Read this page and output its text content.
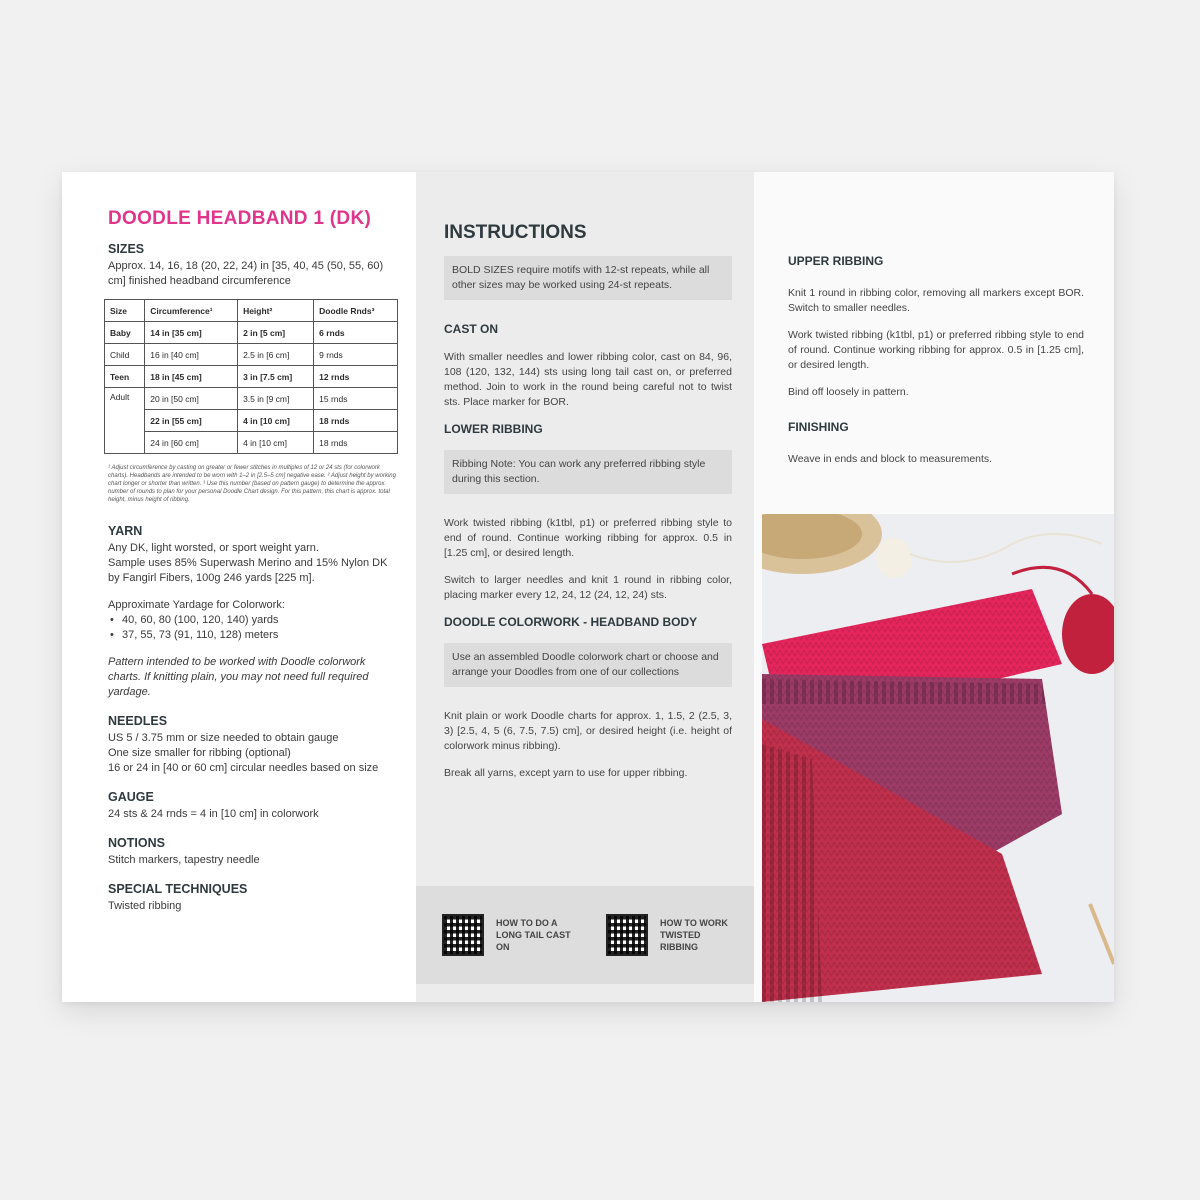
DOODLE HEADBAND 1 (DK)
SIZES
Approx. 14, 16, 18 (20, 22, 24) in [35, 40, 45 (50, 55, 60) cm] finished headband circumference
Size	Circumference¹	Height²	Doodle Rnds³
Baby	14 in [35 cm]	2 in [5 cm]	6 rnds
Child	16 in [40 cm]	2.5 in [6 cm]	9 rnds
Teen	18 in [45 cm]	3 in [7.5 cm]	12 rnds
Adult	20 in [50 cm]	3.5 in [9 cm]	15 rnds
	22 in [55 cm]	4 in [10 cm]	18 rnds
	24 in [60 cm]	4 in [10 cm]	18 rnds
¹ Adjust circumference by casting on greater or fewer stitches in multiples of 12 or 24 sts (for colorwork charts). Headbands are intended to be worn with 1–2 in [2.5–5 cm] negative ease. ² Adjust height by working chart longer or shorter than written. ³ Use this number (based on pattern gauge) to determine the approx. number of rounds to plan for your personal Doodle Chart design. For this pattern, this chart is approx. total height, minus height of ribbing.
YARN
Any DK, light worsted, or sport weight yarn.
Sample uses 85% Superwash Merino and 15% Nylon DK by Fangirl Fibers, 100g 246 yards [225 m].
Approximate Yardage for Colorwork:
• 40, 60, 80 (100, 120, 140) yards
• 37, 55, 73 (91, 110, 128) meters
Pattern intended to be worked with Doodle colorwork charts. If knitting plain, you may not need full required yardage.
NEEDLES
US 5 / 3.75 mm or size needed to obtain gauge
One size smaller for ribbing (optional)
16 or 24 in [40 or 60 cm] circular needles based on size
GAUGE
24 sts & 24 rnds = 4 in [10 cm] in colorwork
NOTIONS
Stitch markers, tapestry needle
SPECIAL TECHNIQUES
Twisted ribbing
INSTRUCTIONS
BOLD SIZES require motifs with 12-st repeats, while all other sizes may be worked using 24-st repeats.
CAST ON
With smaller needles and lower ribbing color, cast on 84, 96, 108 (120, 132, 144) sts using long tail cast on, or preferred method. Join to work in the round being careful not to twist sts. Place marker for BOR.
LOWER RIBBING
Ribbing Note: You can work any preferred ribbing style during this section.
Work twisted ribbing (k1tbl, p1) or preferred ribbing style to end of round. Continue working ribbing for approx. 0.5 in [1.25 cm], or desired length.
Switch to larger needles and knit 1 round in ribbing color, placing marker every 12, 24, 12 (24, 12, 24) sts.
DOODLE COLORWORK - HEADBAND BODY
Use an assembled Doodle colorwork chart or choose and arrange your Doodles from one of our collections
Knit plain or work Doodle charts for approx. 1, 1.5, 2 (2.5, 3, 3) [2.5, 4, 5 (6, 7.5, 7.5) cm], or desired height (i.e. height of colorwork minus ribbing).
Break all yarns, except yarn to use for upper ribbing.
HOW TO DO A LONG TAIL CAST ON
HOW TO WORK TWISTED RIBBING
UPPER RIBBING
Knit 1 round in ribbing color, removing all markers except BOR. Switch to smaller needles.
Work twisted ribbing (k1tbl, p1) or preferred ribbing style to end of round. Continue working ribbing for approx. 0.5 in [1.25 cm], or desired length.
Bind off loosely in pattern.
FINISHING
Weave in ends and block to measurements.
